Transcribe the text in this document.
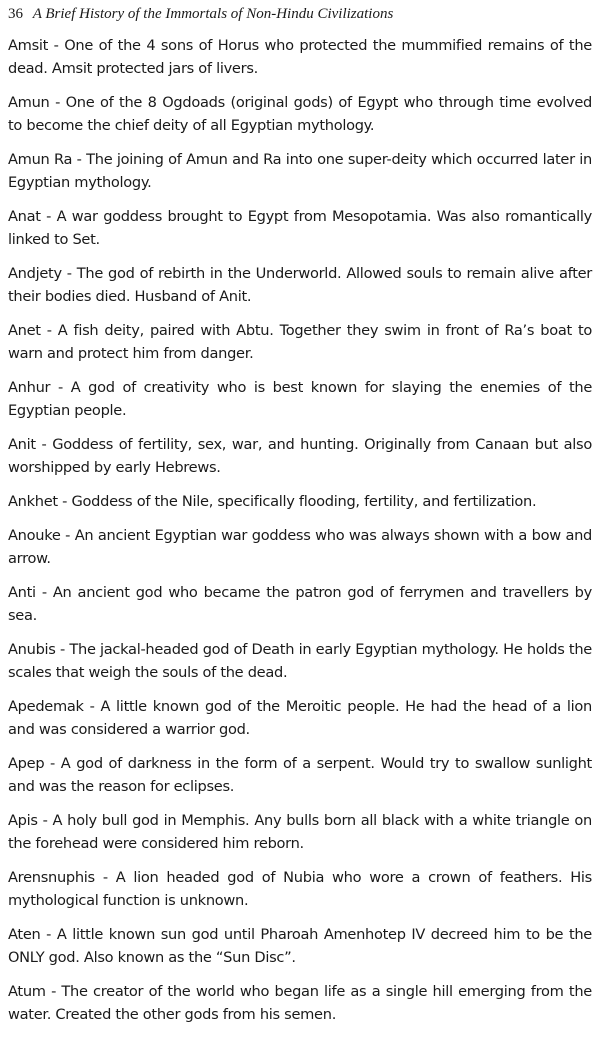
36 A Brief History of the Immortals of Non-Hindu Civilizations

Amsit - One of the 4 sons of Horus who protected the mummified remains of the dead. Amsit protected jars of livers.

Amun - One of the 8 Ogdoads (original gods) of Egypt who through time evolved to become the chief deity of all Egyptian mythology.

Amun Ra - The joining of Amun and Ra into one super-deity which occurred later in Egyptian mythology.

Anat - A war goddess brought to Egypt from Mesopotamia. Was also romantically linked to Set.

Andjety - The god of rebirth in the Underworld. Allowed souls to remain alive after their bodies died. Husband of Anit.

Anet - A fish deity, paired with Abtu. Together they swim in front of Ra’s boat to warn and protect him from danger.

Anhur - A god of creativity who is best known for slaying the enemies of the Egyptian people.

Anit - Goddess of fertility, sex, war, and hunting. Originally from Canaan but also worshipped by early Hebrews.

Ankhet - Goddess of the Nile, specifically flooding, fertility, and fertilization.

Anouke - An ancient Egyptian war goddess who was always shown with a bow and arrow.

Anti - An ancient god who became the patron god of ferrymen and travellers by sea.

Anubis - The jackal-headed god of Death in early Egyptian mythology. He holds the scales that weigh the souls of the dead.

Apedemak - A little known god of the Meroitic people. He had the head of a lion and was considered a warrior god.

Apep - A god of darkness in the form of a serpent. Would try to swallow sunlight and was the reason for eclipses.

Apis - A holy bull god in Memphis. Any bulls born all black with a white triangle on the forehead were considered him reborn.

Arensnuphis - A lion headed god of Nubia who wore a crown of feathers. His mythological function is unknown.

Aten - A little known sun god until Pharoah Amenhotep IV decreed him to be the ONLY god. Also known as the “Sun Disc”.

Atum - The creator of the world who began life as a single hill emerging from the water. Created the other gods from his semen.
